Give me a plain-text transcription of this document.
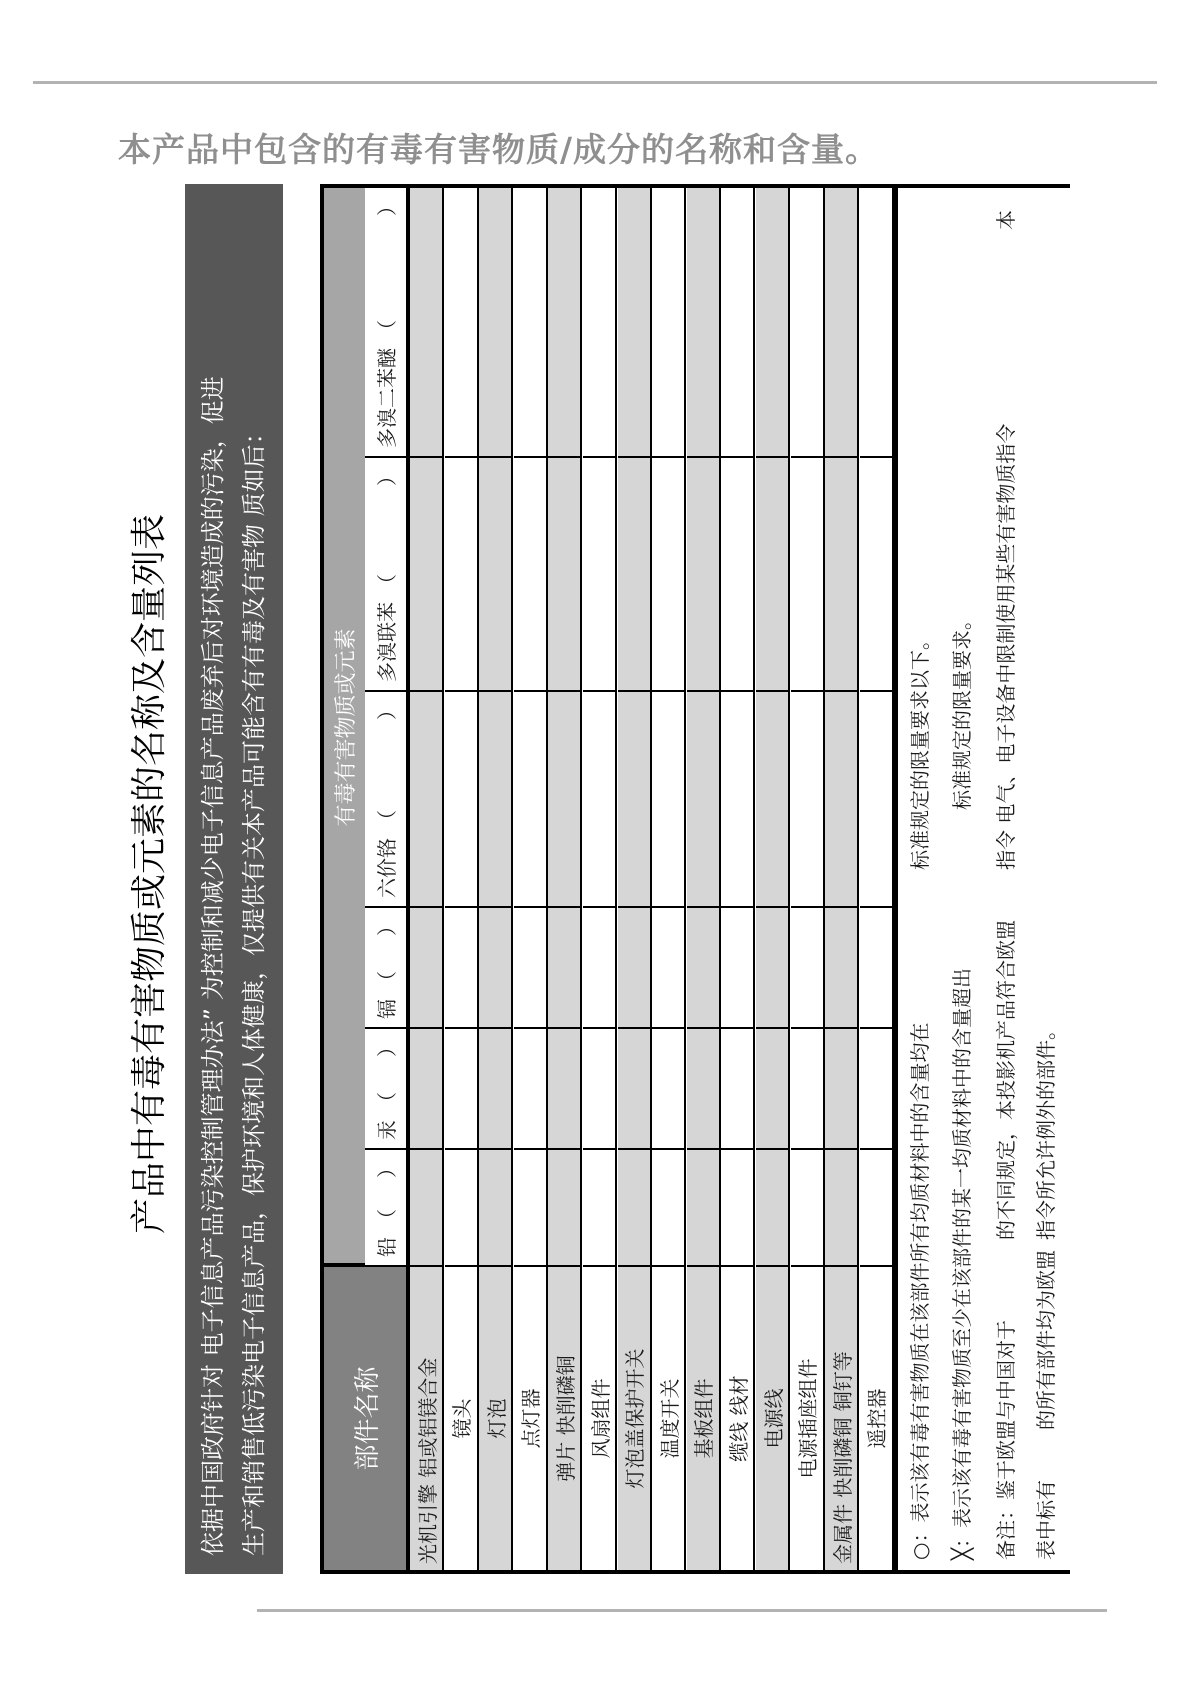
本产品中包含的有毒有害物质/成分的名称和含量。
产品中有毒有害物质或元素的名称及含量列表	依据中国政府针对 电子信息产品污染控制管理办法” 为控制和减少电子信息产品废弃后对环境造成的污染，促进 生产和销售低污染电子信息产品，保护环境和人体健康，仅提供有关本产品可能含有有毒及有害物 质如后：	部件名称
有毒有害物质或元素
光机引擎 铝或铝镁合金 镜头 灯泡 点灯器 弹片 快削磷铜 风扇组件 灯泡盖保护开关 温度开关 基板组件 缆线 线材 电源线 电源插座组件 金属件 快削磷铜 铜钉等 遥控器 ○：表示该有毒有害物质在该部件所有均质材料中的含量均在
标准规定的限量要求以下。
╳：表示该有毒有害物质至少在该部件的某一均质材料中的含量超出
标准规定的限量要求。
备注：鉴于欧盟与中国对于
的不同规定，本投影机产品符合欧盟
指令 电气、电子设备中限制使用某些有害物质指令
本
表中标有
的所有部件均为欧盟
指令所允许例外的部件。
铅
（
）
汞
（
）
镉
（
）
六价铬
（
）
多溴联苯
（
）
多溴二苯醚
（
）
